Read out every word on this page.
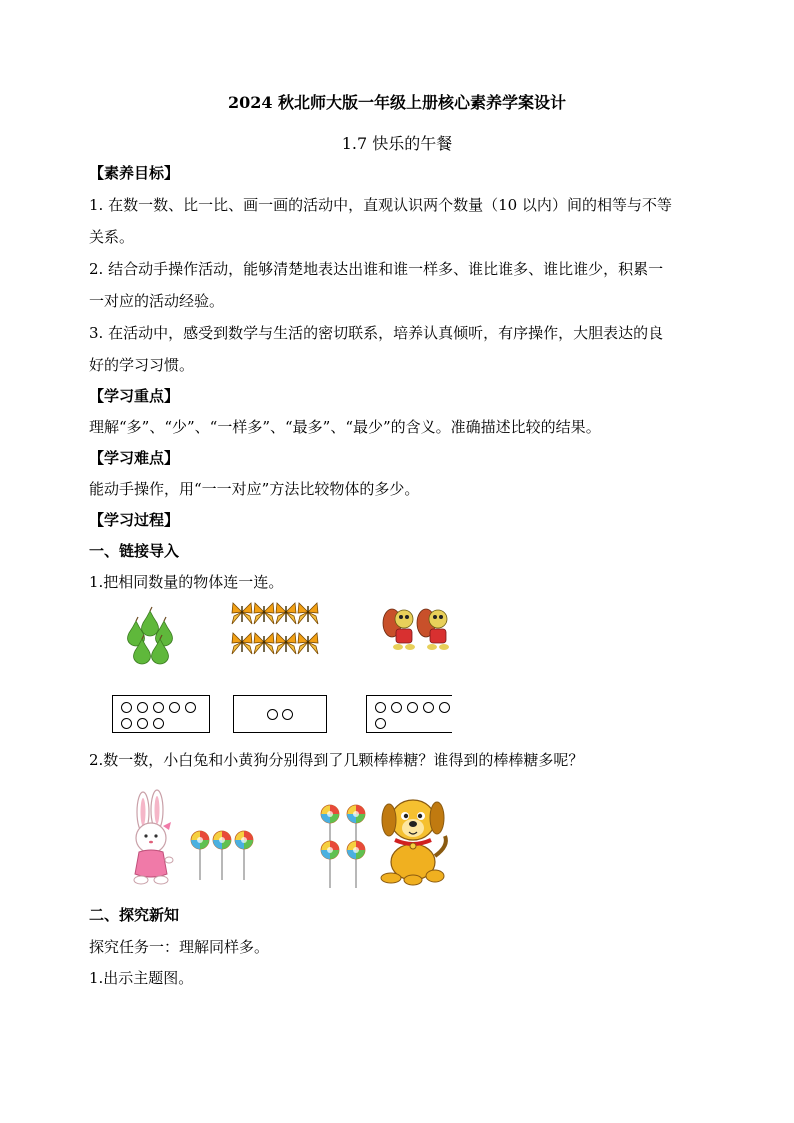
2024 秋北师大版一年级上册核心素养学案设计
1.7 快乐的午餐
【素养目标】
1. 在数一数、比一比、画一画的活动中，直观认识两个数量（10 以内）间的相等与不等
关系。
2. 结合动手操作活动，能够清楚地表达出谁和谁一样多、谁比谁多、谁比谁少，积累一
一对应的活动经验。
3. 在活动中，感受到数学与生活的密切联系，培养认真倾听，有序操作，大胆表达的良
好的学习习惯。
【学习重点】
理解“多”、“少”、“一样多”、“最多”、“最少”的含义。准确描述比较的结果。
【学习难点】
能动手操作，用“一一对应”方法比较物体的多少。
【学习过程】
一、链接导入
1.把相同数量的物体连一连。
2.数一数，小白兔和小黄狗分别得到了几颗棒棒糖？谁得到的棒棒糖多呢？
二、探究新知
探究任务一：理解同样多。
1.出示主题图。
